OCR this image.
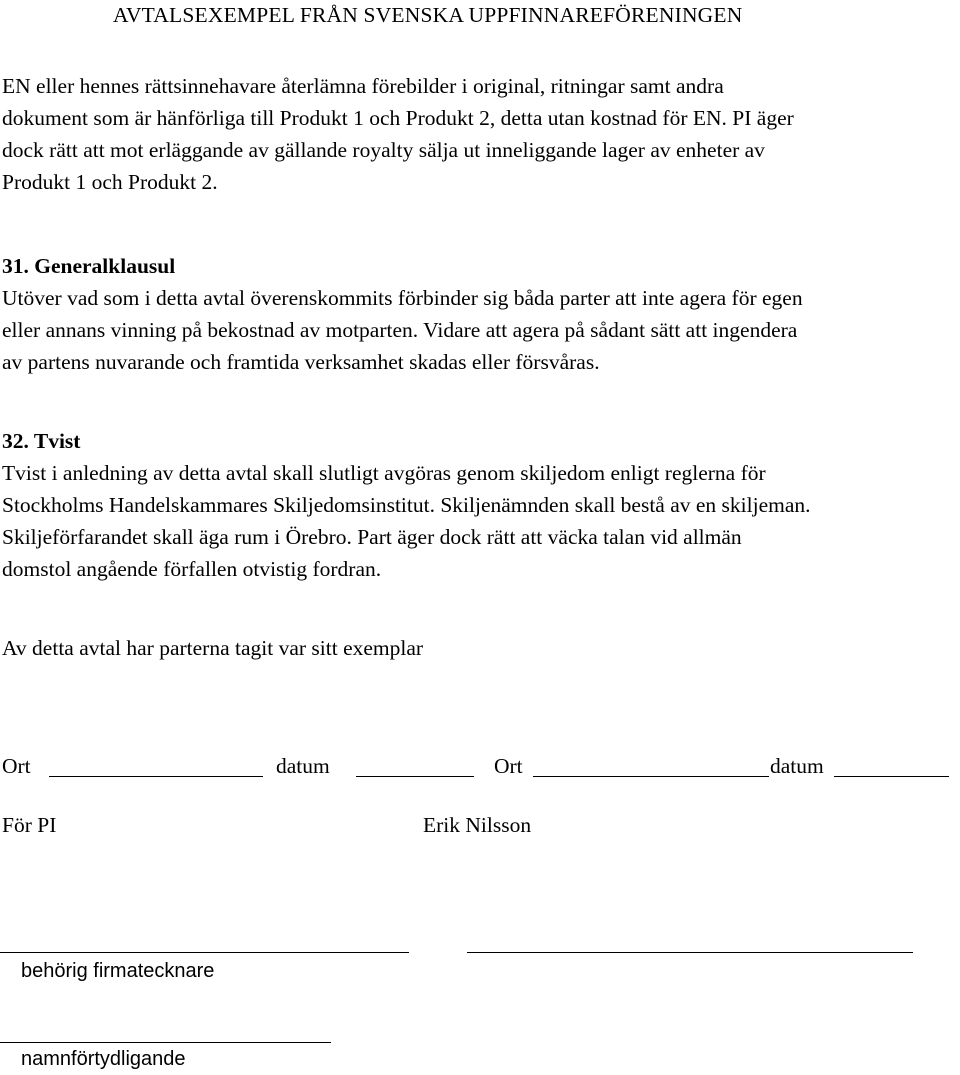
AVTALSEXEMPEL FRÅN SVENSKA UPPFINNAREFÖRENINGEN
EN eller hennes rättsinnehavare återlämna förebilder i original, ritningar samt andra
dokument som är hänförliga till Produkt 1 och Produkt 2, detta utan kostnad för EN. PI äger
dock rätt att mot erläggande av gällande royalty sälja ut inneliggande lager av enheter av
Produkt 1 och Produkt 2.
31. Generalklausul
Utöver vad som i detta avtal överenskommits förbinder sig båda parter att inte agera för egen
eller annans vinning på bekostnad av motparten. Vidare att agera på sådant sätt att ingendera
av partens nuvarande och framtida verksamhet skadas eller försvåras.
32. Tvist
Tvist i anledning av detta avtal skall slutligt avgöras genom skiljedom enligt reglerna för
Stockholms Handelskammares Skiljedomsinstitut. Skiljenämnden skall bestå av en skiljeman.
Skiljeförfarandet skall äga rum i Örebro. Part äger dock rätt att väcka talan vid allmän
domstol angående förfallen otvistig fordran.
Av detta avtal har parterna tagit var sitt exemplar
Ort	datum	Ort	datum
För PI	Erik Nilsson
behörig firmatecknare
namnförtydligande
